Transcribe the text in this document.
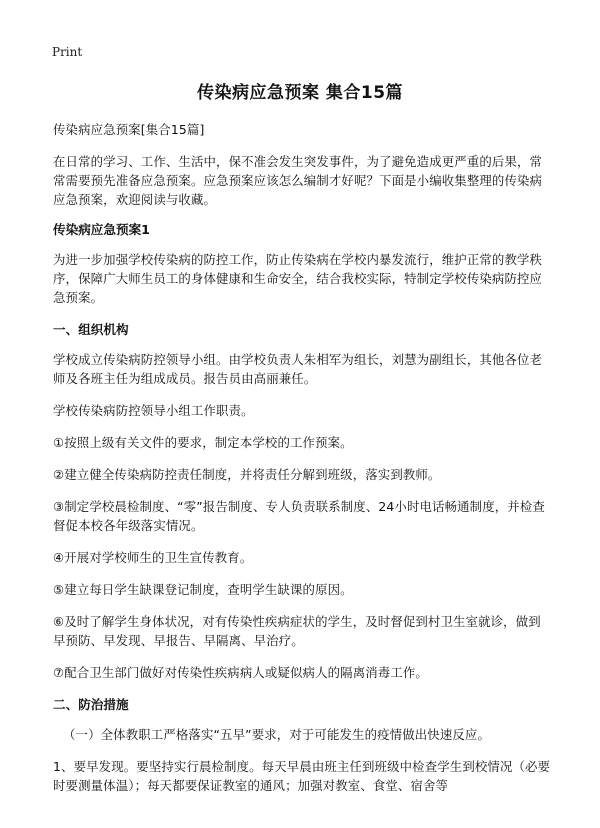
Print
传染病应急预案 集合15篇

传染病应急预案[集合15篇]

在日常的学习、工作、生活中，保不准会发生突发事件，为了避免造成更严重的后果，常常需要预先准备应急预案。应急预案应该怎么编制才好呢？下面是小编收集整理的传染病应急预案，欢迎阅读与收藏。

传染病应急预案1

为进一步加强学校传染病的防控工作，防止传染病在学校内暴发流行，维护正常的教学秩序，保障广大师生员工的身体健康和生命安全，结合我校实际，特制定学校传染病防控应急预案。

一、组织机构

学校成立传染病防控领导小组。由学校负责人朱相军为组长，刘慧为副组长，其他各位老师及各班主任为组成成员。报告员由高丽兼任。

学校传染病防控领导小组工作职责。

①按照上级有关文件的要求，制定本学校的工作预案。

②建立健全传染病防控责任制度，并将责任分解到班级，落实到教师。

③制定学校晨检制度、“零”报告制度、专人负责联系制度、24小时电话畅通制度，并检查督促本校各年级落实情况。

④开展对学校师生的卫生宣传教育。

⑤建立每日学生缺课登记制度，查明学生缺课的原因。

⑥及时了解学生身体状况，对有传染性疾病症状的学生，及时督促到村卫生室就诊，做到早预防、早发现、早报告、早隔离、早治疗。

⑦配合卫生部门做好对传染性疾病病人或疑似病人的隔离消毒工作。

二、防治措施

（一）全体教职工严格落实“五早”要求，对于可能发生的疫情做出快速反应。

1、要早发现。要坚持实行晨检制度。每天早晨由班主任到班级中检查学生到校情况（必要时要测量体温）；每天都要保证教室的通风；加强对教室、食堂、宿舍等
